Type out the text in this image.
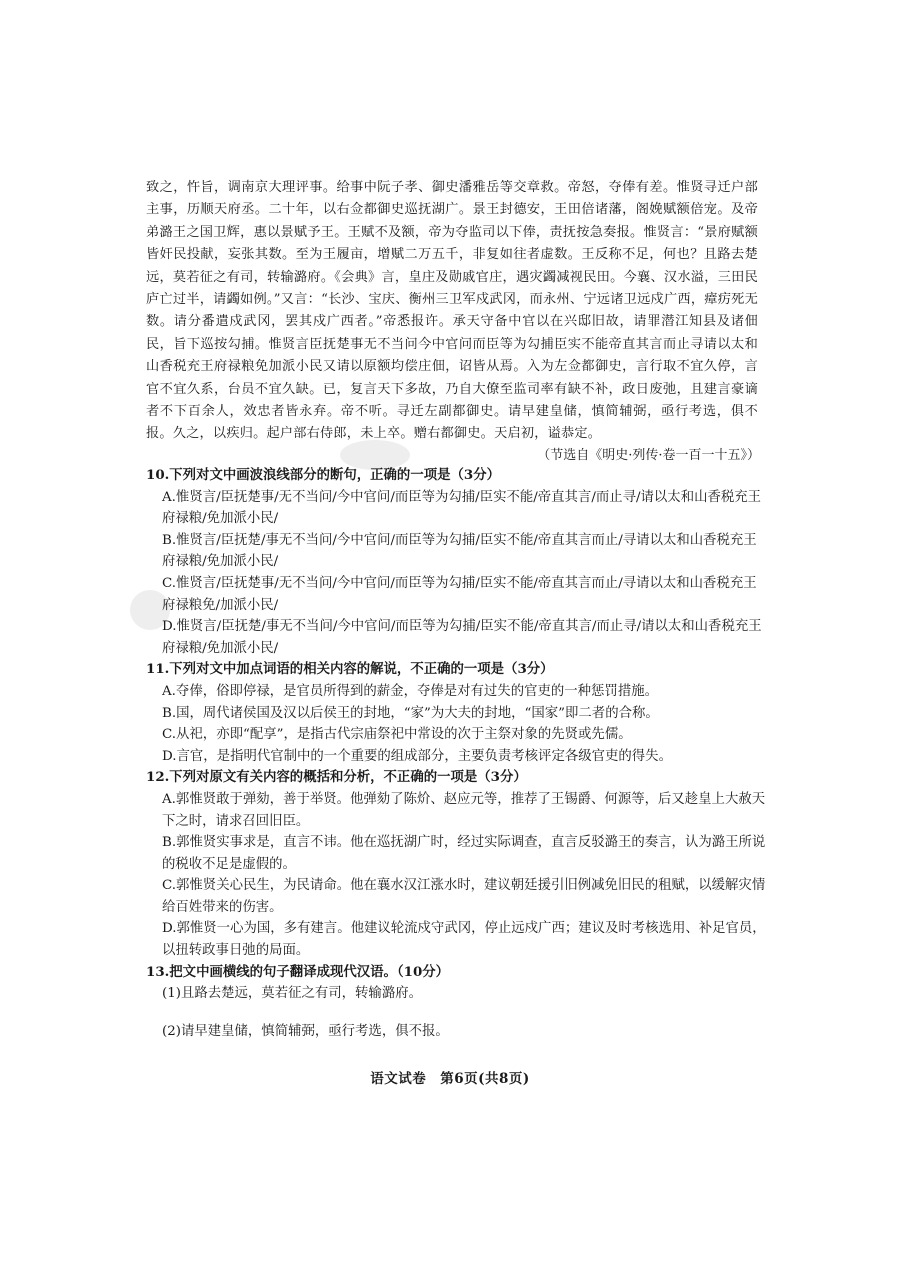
致之，忤旨，调南京大理评事。给事中阮子孝、御史潘雅岳等交章救。帝怒，夺俸有差。惟贤寻迁户部主事，历顺天府丞。二十年，以右佥都御史巡抚湖广。景王封德安，王田倍诸藩，阁娩赋额倍宠。及帝弟潞王之国卫辉，惠以景赋予王。王赋不及额，帝为夺监司以下俸，责抚按急奏报。惟贤言：“景府赋额皆奸民投献，妄张其数。至为王履亩，增赋二万五千，非复如往者虚数。王反称不足，何也？且路去楚远，莫若征之有司，转输潞府。《会典》言，皇庄及勋戚官庄，遇灾蠲减视民田。今襄、汉水溢，三田民庐亡过半，请蠲如例。”又言：“长沙、宝庆、衡州三卫军戍武冈，而永州、宁远诸卫远戍广西，瘴疠死无数。请分番遣戍武冈，罢其戍广西者。”帝悉报许。承天守备中官以在兴邸旧故，请罪潜江知县及诸佃民，旨下巡按勾捕。惟贤言臣抚楚事无不当问今中官问而臣等为勾捕臣实不能帝直其言而止寻请以太和山香税充王府禄粮免加派小民又请以原额均偿庄佃，诏皆从焉。入为左佥都御史，言行取不宜久停，言官不宜久系，台员不宜久缺。已，复言天下多故，乃自大僚至监司率有缺不补，政日废弛，且建言豪谪者不下百余人，效忠者皆永弃。帝不听。寻迁左副都御史。请早建皇储，慎简辅弼，亟行考选，俱不报。久之，以疾归。起户部右侍郎，未上卒。赠右都御史。天启初，谥恭定。

（节选自《明史·列传·卷一百一十五》）

10.下列对文中画波浪线部分的断句，正确的一项是（3分）

A.惟贤言/臣抚楚事/无不当问/今中官问/而臣等为勾捕/臣实不能/帝直其言/而止寻/请以太和山香税充王府禄粮/免加派小民/

B.惟贤言/臣抚楚/事无不当问/今中官问/而臣等为勾捕/臣实不能/帝直其言而止/寻请以太和山香税充王府禄粮/免加派小民/

C.惟贤言/臣抚楚事/无不当问/今中官问/而臣等为勾捕/臣实不能/帝直其言而止/寻请以太和山香税充王府禄粮免/加派小民/

D.惟贤言/臣抚楚/事无不当问/今中官问/而臣等为勾捕/臣实不能/帝直其言/而止寻/请以太和山香税充王府禄粮/免加派小民/

11.下列对文中加点词语的相关内容的解说，不正确的一项是（3分）

A.夺俸，俗即停禄，是官员所得到的薪金，夺俸是对有过失的官吏的一种惩罚措施。

B.国，周代诸侯国及汉以后侯王的封地，“家”为大夫的封地，“国家”即二者的合称。

C.从祀，亦即“配享”，是指古代宗庙祭祀中常设的次于主祭对象的先贤或先儒。

D.言官，是指明代官制中的一个重要的组成部分，主要负责考核评定各级官吏的得失。

12.下列对原文有关内容的概括和分析，不正确的一项是（3分）

A.郭惟贤敢于弹劾，善于举贤。他弹劾了陈炌、赵应元等，推荐了王锡爵、何源等，后又趁皇上大赦天下之时，请求召回旧臣。

B.郭惟贤实事求是，直言不讳。他在巡抚湖广时，经过实际调查，直言反驳潞王的奏言，认为潞王所说的税收不足是虚假的。

C.郭惟贤关心民生，为民请命。他在襄水汉江涨水时，建议朝廷援引旧例减免旧民的租赋，以缓解灾情给百姓带来的伤害。

D.郭惟贤一心为国，多有建言。他建议轮流戍守武冈，停止远戍广西；建议及时考核选用、补足官员，以扭转政事日弛的局面。

13.把文中画横线的句子翻译成现代汉语。（10分）

(1)且路去楚远，莫若征之有司，转输潞府。

(2)请早建皇储，慎简辅弼，亟行考选，俱不报。

语文试卷　第6页(共8页)
